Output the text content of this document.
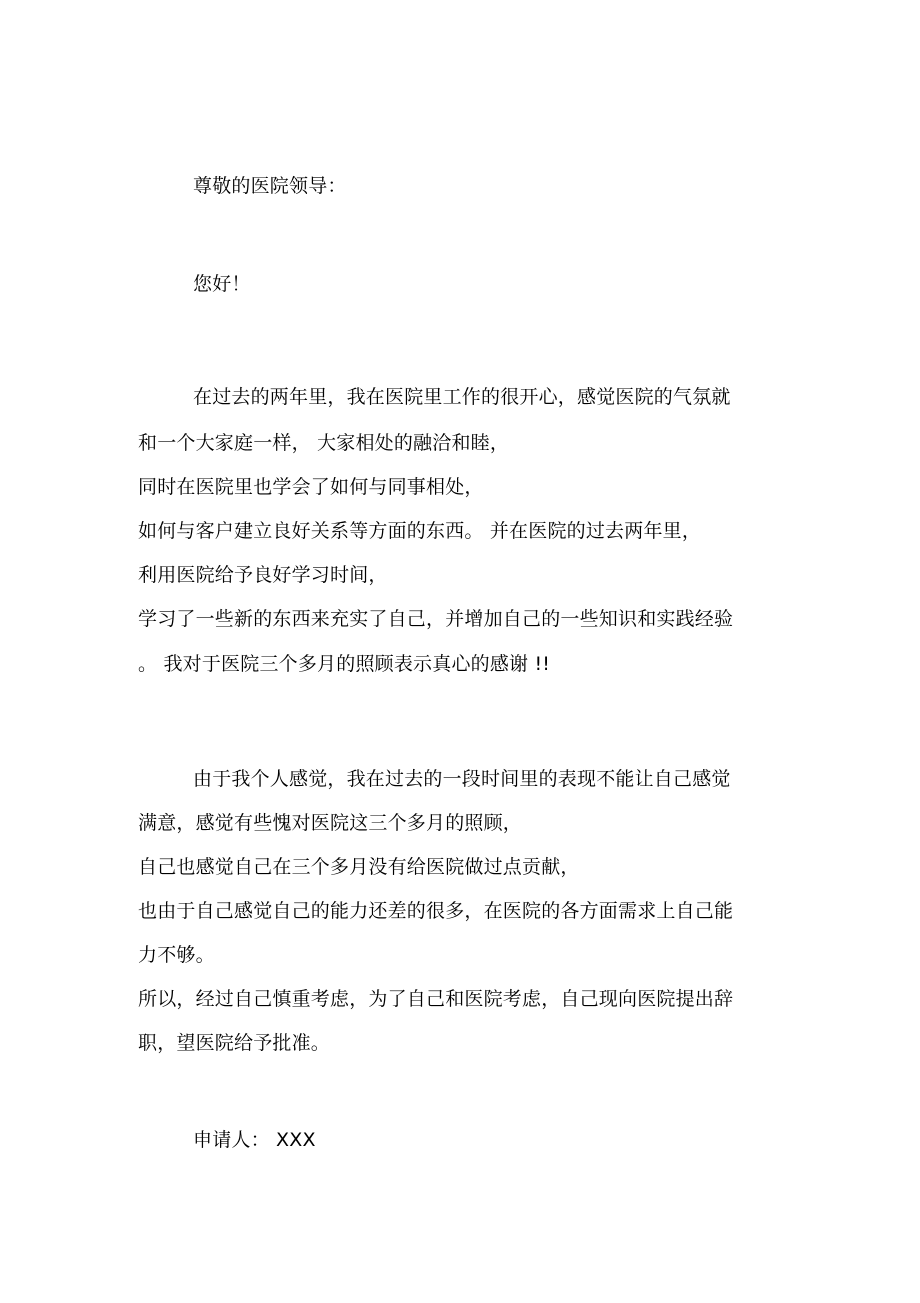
尊敬的医院领导：
您好！
在过去的两年里，我在医院里工作的很开心，感觉医院的气氛就
和一个大家庭一样， 大家相处的融洽和睦，
同时在医院里也学会了如何与同事相处，
如何与客户建立良好关系等方面的东西。 并在医院的过去两年里，
利用医院给予良好学习时间，
学习了一些新的东西来充实了自己，并增加自己的一些知识和实践经验
。 我对于医院三个多月的照顾表示真心的感谢 !!
由于我个人感觉，我在过去的一段时间里的表现不能让自己感觉
满意，感觉有些愧对医院这三个多月的照顾，
自己也感觉自己在三个多月没有给医院做过点贡献，
也由于自己感觉自己的能力还差的很多，在医院的各方面需求上自己能
力不够。
所以，经过自己慎重考虑，为了自己和医院考虑，自己现向医院提出辞
职，望医院给予批准。
申请人： XXX
